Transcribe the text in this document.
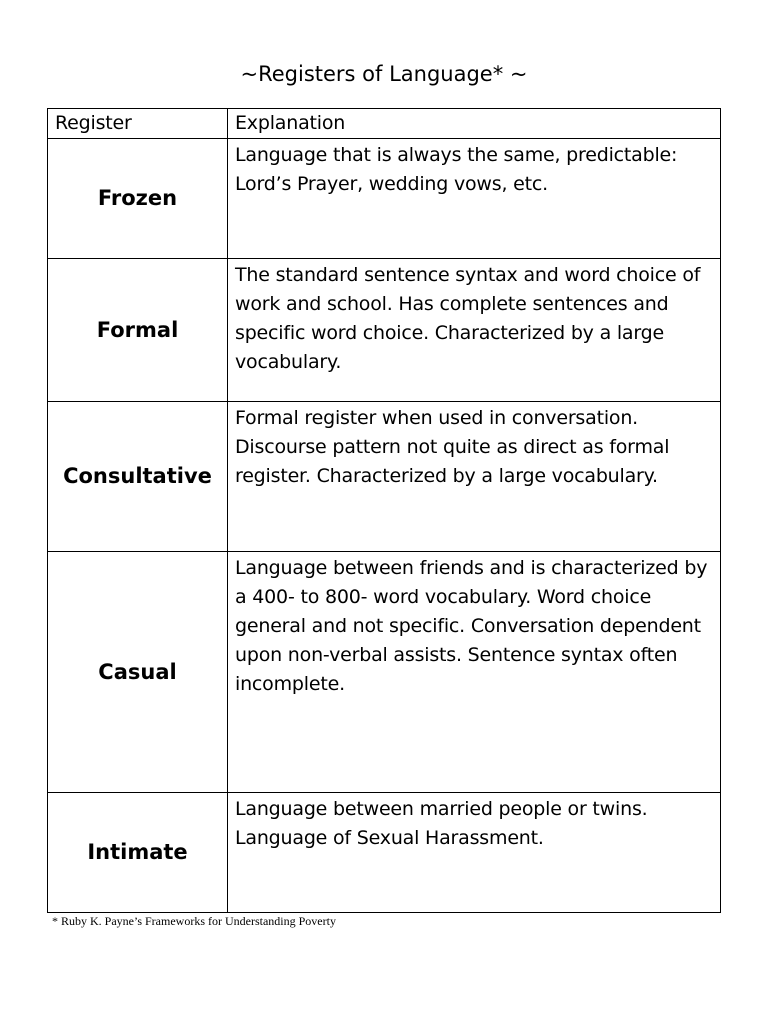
~Registers of Language* ~
Register	Explanation
Frozen	Language that is always the same, predictable: Lord’s Prayer, wedding vows, etc.
Formal	The standard sentence syntax and word choice of work and school. Has complete sentences and specific word choice. Characterized by a large vocabulary.
Consultative	Formal register when used in conversation. Discourse pattern not quite as direct as formal register. Characterized by a large vocabulary.
Casual	Language between friends and is characterized by a 400- to 800- word vocabulary. Word choice general and not specific. Conversation dependent upon non-verbal assists. Sentence syntax often incomplete.
Intimate	Language between married people or twins. Language of Sexual Harassment.
* Ruby K. Payne’s Frameworks for Understanding Poverty
